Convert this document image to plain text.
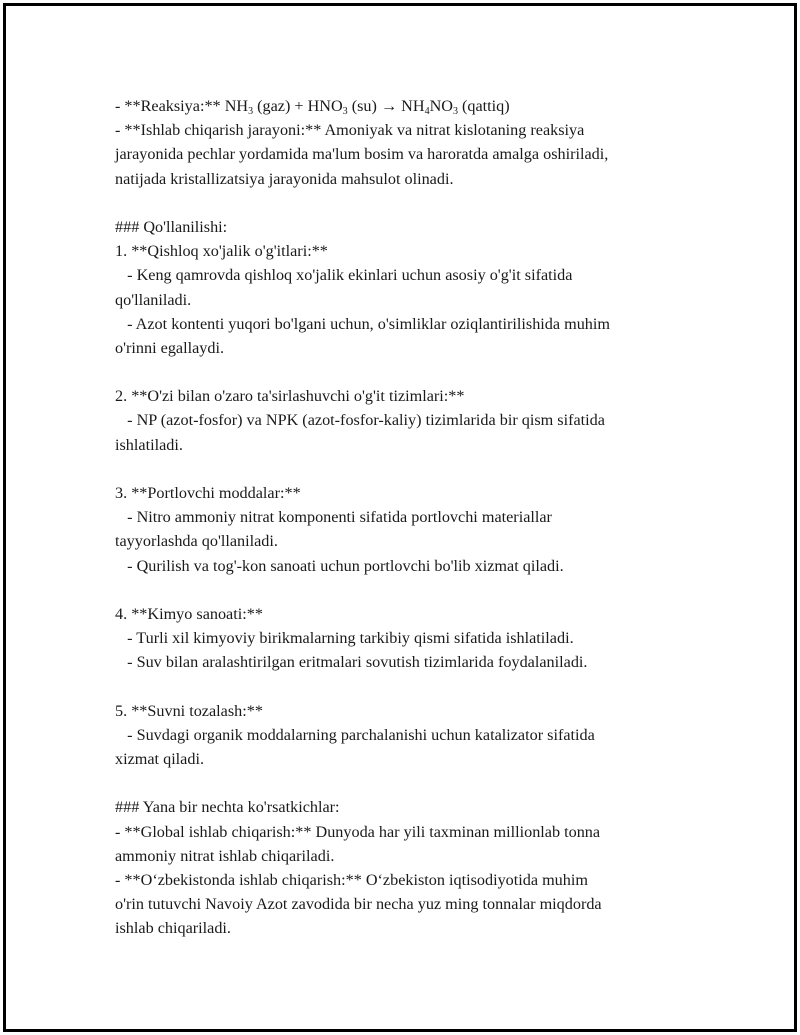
- **Reaksiya:** $NH_3$ $(gaz) + HNO_3$ $(su) \to NH_4NO_3$ (qattiq)
- **Ishlab chiqarish jarayoni:** Amoniyak va nitrat kislotaning reaksiya
jarayonida pechlar yordamida ma'lum bosim va haroratda amalga oshiriladi,
natijada kristallizatsiya jarayonida mahsulot olinadi.
### Qo'llanilishi:
1. **Qishloq xo'jalik o'g'itlari:**
- Keng qamrovda qishloq xo'jalik ekinlari uchun asosiy o'g'it sifatida
qo'llaniladi.
- Azot kontenti yuqori bo'lgani uchun, o'simliklar oziqlantirilishida muhim
o'rinni egallaydi.
2. **O'zi bilan o'zaro ta'sirlashuvchi o'g'it tizimlari:**
- NP (azot-fosfor) va NPK (azot-fosfor-kaliy) tizimlarida bir qism sifatida
ishlatiladi.
3. **Portlovchi moddalar:**
- Nitro ammoniy nitrat komponenti sifatida portlovchi materiallar
tayyorlashda qo'llaniladi.
- Qurilish va tog'-kon sanoati uchun portlovchi bo'lib xizmat qiladi.
4. **Kimyo sanoati:**
- Turli xil kimyoviy birikmalarning tarkibiy qismi sifatida ishlatiladi.
- Suv bilan aralashtirilgan eritmalari sovutish tizimlarida foydalaniladi.
5. **Suvni tozalash:**
- Suvdagi organik moddalarning parchalanishi uchun katalizator sifatida
xizmat qiladi.
### Yana bir nechta ko'rsatkichlar:
- **Global ishlab chiqarish:** Dunyoda har yili taxminan millionlab tonna
ammoniy nitrat ishlab chiqariladi.
- **O‘zbekistonda ishlab chiqarish:** O‘zbekiston iqtisodiyotida muhim
o'rin tutuvchi Navoiy Azot zavodida bir necha yuz ming tonnalar miqdorda
ishlab chiqariladi.
